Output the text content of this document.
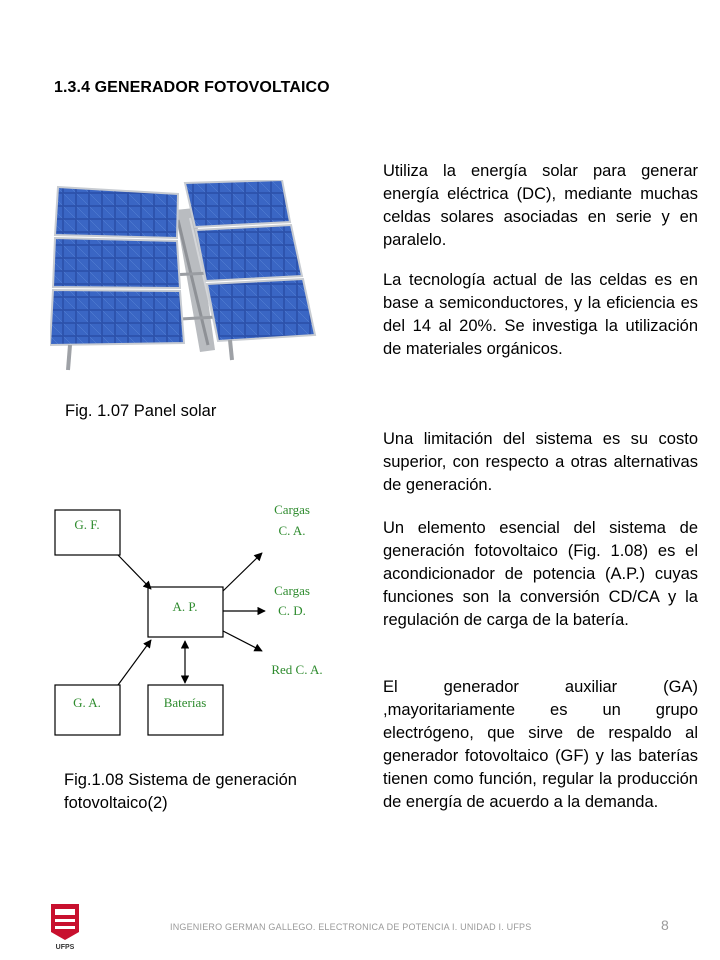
1.3.4 GENERADOR FOTOVOLTAICO
Fig. 1.07 Panel solar
G. F.
A. P.
G. A.	Baterías
Cargas
C. A.
Cargas
C. D.
Red C. A.
Fig.1.08 Sistema de generación fotovoltaico(2)

Utiliza la energía solar para generar energía eléctrica (DC), mediante muchas celdas solares asociadas en serie y en paralelo.

La tecnología actual de las celdas es en base a semiconductores, y la eficiencia es del 14 al 20%. Se investiga la utilización de materiales orgánicos.

Una limitación del sistema es su costo superior, con respecto a otras alternativas de generación.

Un elemento esencial del sistema de generación fotovoltaico (Fig. 1.08) es el acondicionador de potencia (A.P.) cuyas funciones son la conversión CD/CA y la regulación de carga de la batería.

El generador auxiliar (GA) ,mayoritariamente es un grupo electrógeno, que sirve de respaldo al generador fotovoltaico (GF) y las baterías tienen como función, regular la producción de energía de acuerdo a la demanda.

UFPS
INGENIERO GERMAN GALLEGO. ELECTRONICA DE POTENCIA I. UNIDAD I. UFPS	8
